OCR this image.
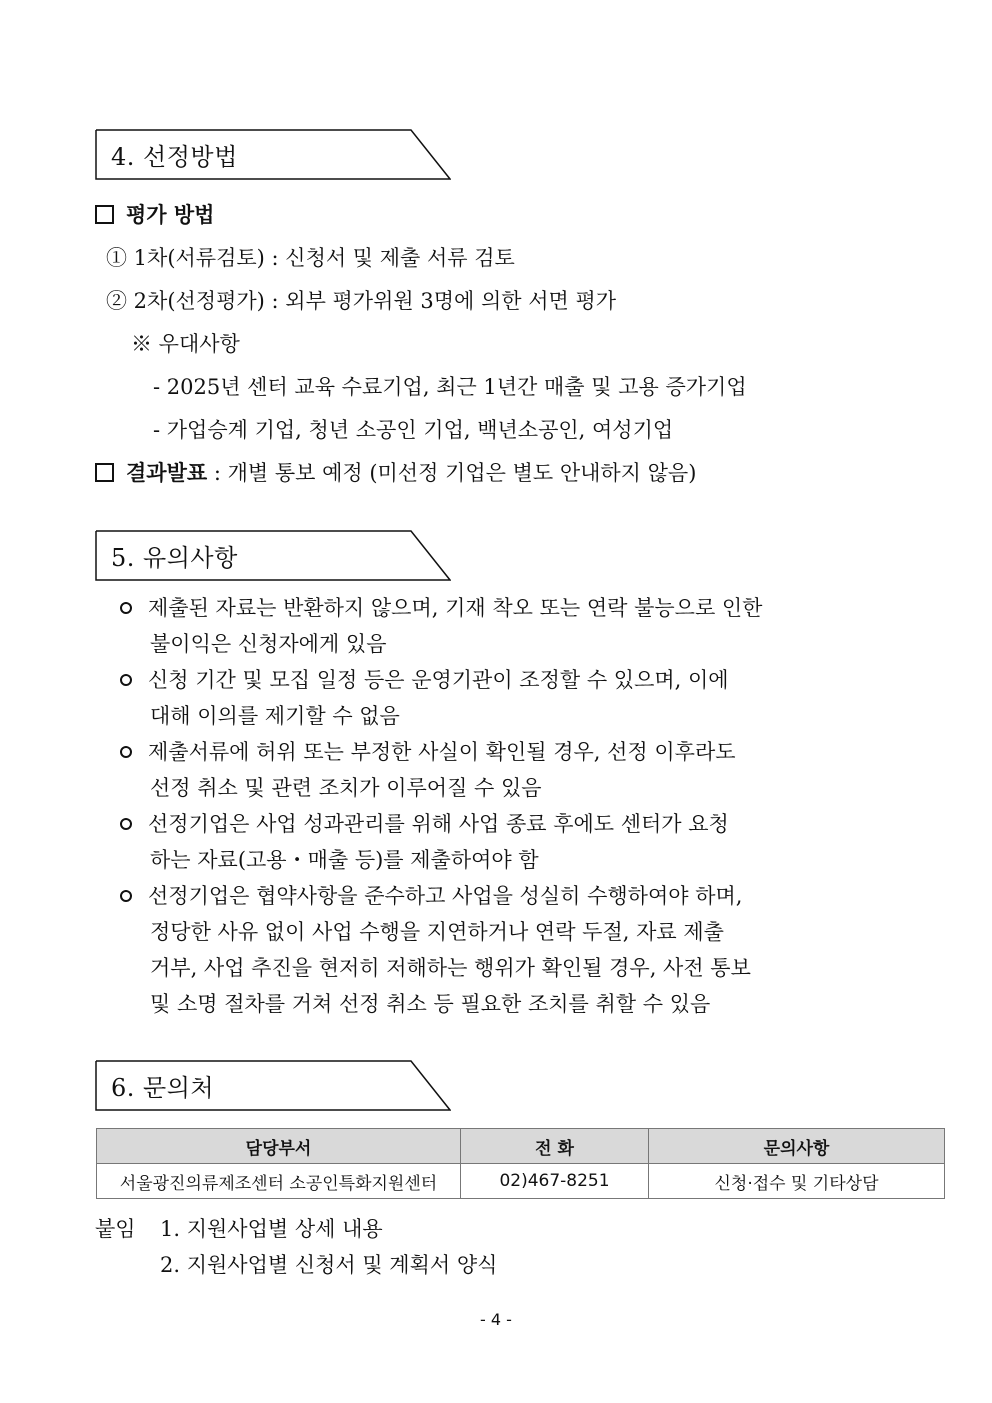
4. 선정방법
평가 방법
① 1차(서류검토) : 신청서 및 제출 서류 검토
② 2차(선정평가) : 외부 평가위원 3명에 의한 서면 평가
※ 우대사항
- 2025년 센터 교육 수료기업, 최근 1년간 매출 및 고용 증가기업
- 가업승계 기업, 청년 소공인 기업, 백년소공인, 여성기업
결과발표 : 개별 통보 예정 (미선정 기업은 별도 안내하지 않음)
5. 유의사항
제출된 자료는 반환하지 않으며, 기재 착오 또는 연락 불능으로 인한
불이익은 신청자에게 있음
신청 기간 및 모집 일정 등은 운영기관이 조정할 수 있으며, 이에
대해 이의를 제기할 수 없음
제출서류에 허위 또는 부정한 사실이 확인될 경우, 선정 이후라도
선정 취소 및 관련 조치가 이루어질 수 있음
선정기업은 사업 성과관리를 위해 사업 종료 후에도 센터가 요청
하는 자료(고용・매출 등)를 제출하여야 함
선정기업은 협약사항을 준수하고 사업을 성실히 수행하여야 하며,
정당한 사유 없이 사업 수행을 지연하거나 연락 두절, 자료 제출
거부, 사업 추진을 현저히 저해하는 행위가 확인될 경우, 사전 통보
및 소명 절차를 거쳐 선정 취소 등 필요한 조치를 취할 수 있음
6. 문의처
담당부서	전 화	문의사항
서울광진의류제조센터 소공인특화지원센터	02)467-8251	신청·접수 및 기타상담
붙임 1. 지원사업별 상세 내용
2. 지원사업별 신청서 및 계획서 양식
- 4 -
